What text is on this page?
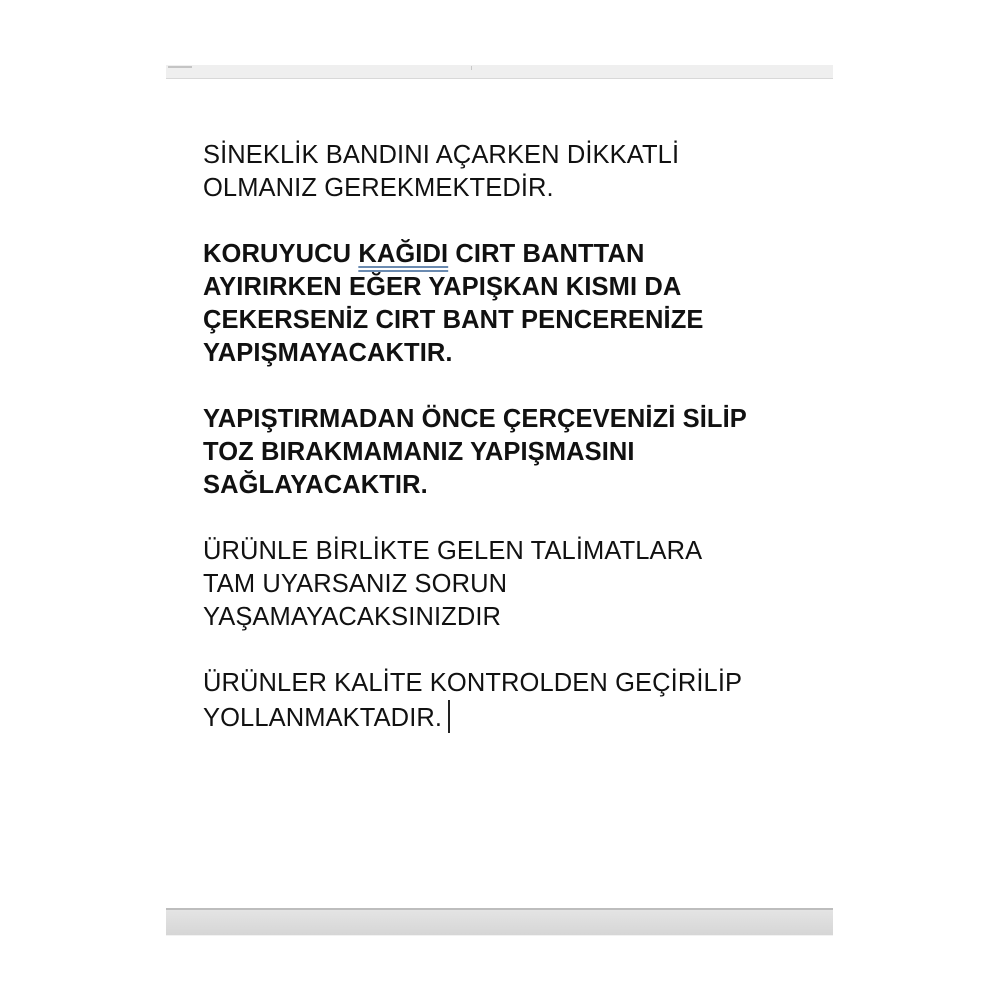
SİNEKLİK BANDINI AÇARKEN DİKKATLİ
OLMANIZ GEREKMEKTEDİR.

KORUYUCU KAĞIDI CIRT BANTTAN
AYIRIRKEN EĞER YAPIŞKAN KISMI DA
ÇEKERSENİZ CIRT BANT PENCERENİZE
YAPIŞMAYACAKTIR.

YAPIŞTIRMADAN ÖNCE ÇERÇEVENİZİ SİLİP
TOZ BIRAKMAMANIZ YAPIŞMASINI
SAĞLAYACAKTIR.

ÜRÜNLE BİRLİKTE GELEN TALİMATLARA
TAM UYARSANIZ SORUN
YAŞAMAYACAKSINIZDIR

ÜRÜNLER KALİTE KONTROLDEN GEÇİRİLİP
YOLLANMAKTADIR.
